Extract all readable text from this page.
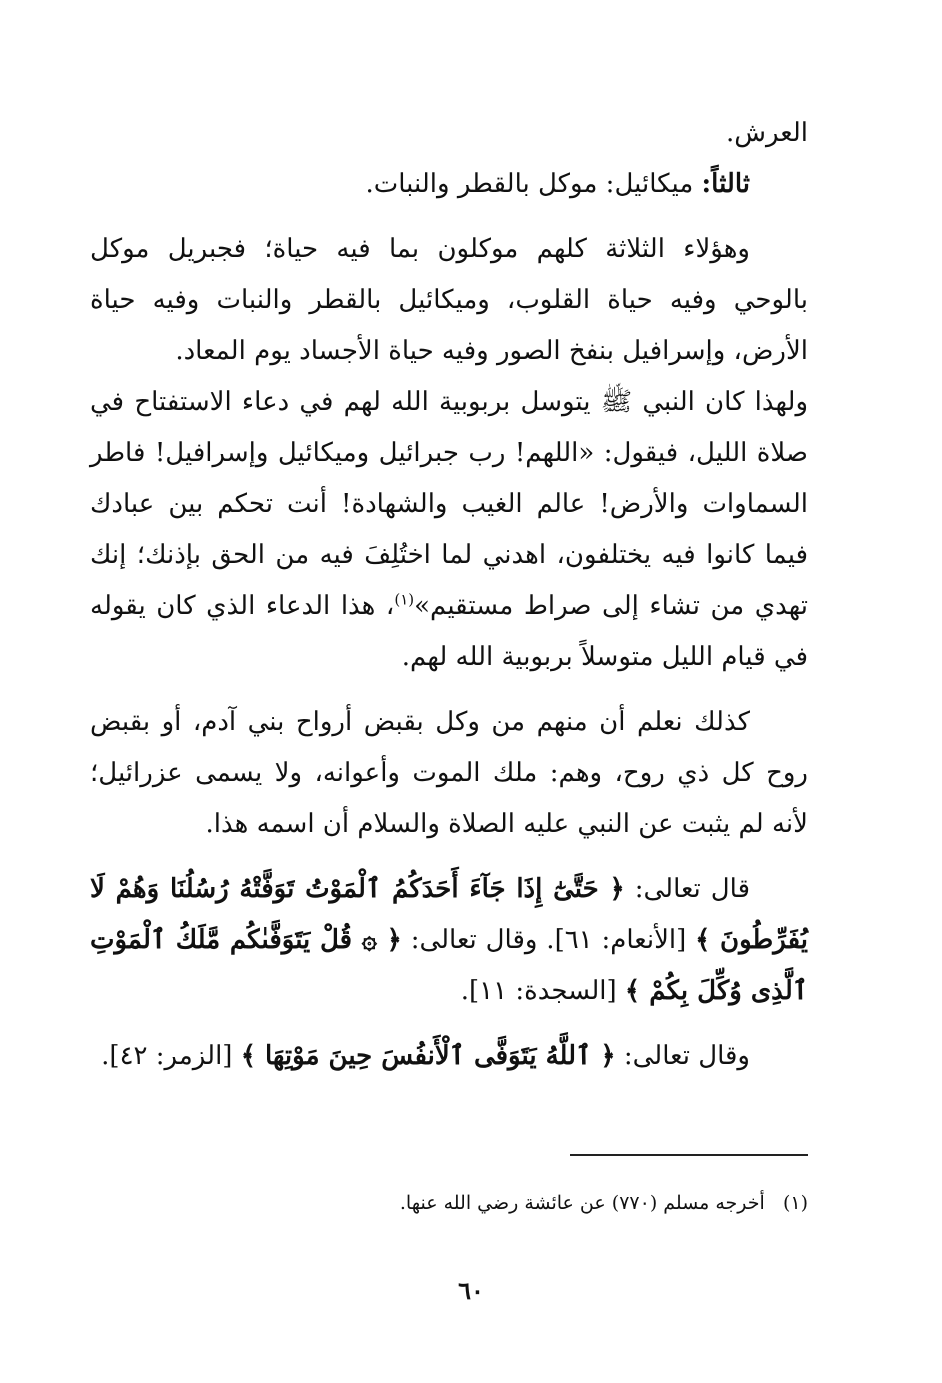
العرش.

ثالثاً: ميكائيل: موكل بالقطر والنبات.

وهؤلاء الثلاثة كلهم موكلون بما فيه حياة؛ فجبريل موكل بالوحي وفيه حياة القلوب، وميكائيل بالقطر والنبات وفيه حياة الأرض، وإسرافيل بنفخ الصور وفيه حياة الأجساد يوم المعاد.

ولهذا كان النبي ﷺ يتوسل بربوبية الله لهم في دعاء الاستفتاح في صلاة الليل، فيقول: «اللهم! رب جبرائيل وميكائيل وإسرافيل! فاطر السماوات والأرض! عالم الغيب والشهادة! أنت تحكم بين عبادك فيما كانوا فيه يختلفون، اهدني لما اختُلِفَ فيه من الحق بإذنك؛ إنك تهدي من تشاء إلى صراط مستقيم»$^{(١)}$، هذا الدعاء الذي كان يقوله في قيام الليل متوسلاً بربوبية الله لهم.

كذلك نعلم أن منهم من وكل بقبض أرواح بني آدم، أو بقبض روح كل ذي روح، وهم: ملك الموت وأعوانه، ولا يسمى عزرائيل؛ لأنه لم يثبت عن النبي عليه الصلاة والسلام أن اسمه هذا.

قال تعالى: ﴿ حَتَّىٰٓ إِذَا جَآءَ أَحَدَكُمُ ٱلْمَوْتُ تَوَفَّتْهُ رُسُلُنَا وَهُمْ لَا يُفَرِّطُونَ ﴾ [الأنعام: ٦١]. وقال تعالى: ﴿ ۞ قُلْ يَتَوَفَّىٰكُم مَّلَكُ ٱلْمَوْتِ ٱلَّذِى وُكِّلَ بِكُمْ ﴾ [السجدة: ١١].

وقال تعالى: ﴿ ٱللَّهُ يَتَوَفَّى ٱلْأَنفُسَ حِينَ مَوْتِهَا ﴾ [الزمر: ٤٢].

(١)   أخرجه مسلم (٧٧٠) عن عائشة رضي الله عنها.
٦٠
